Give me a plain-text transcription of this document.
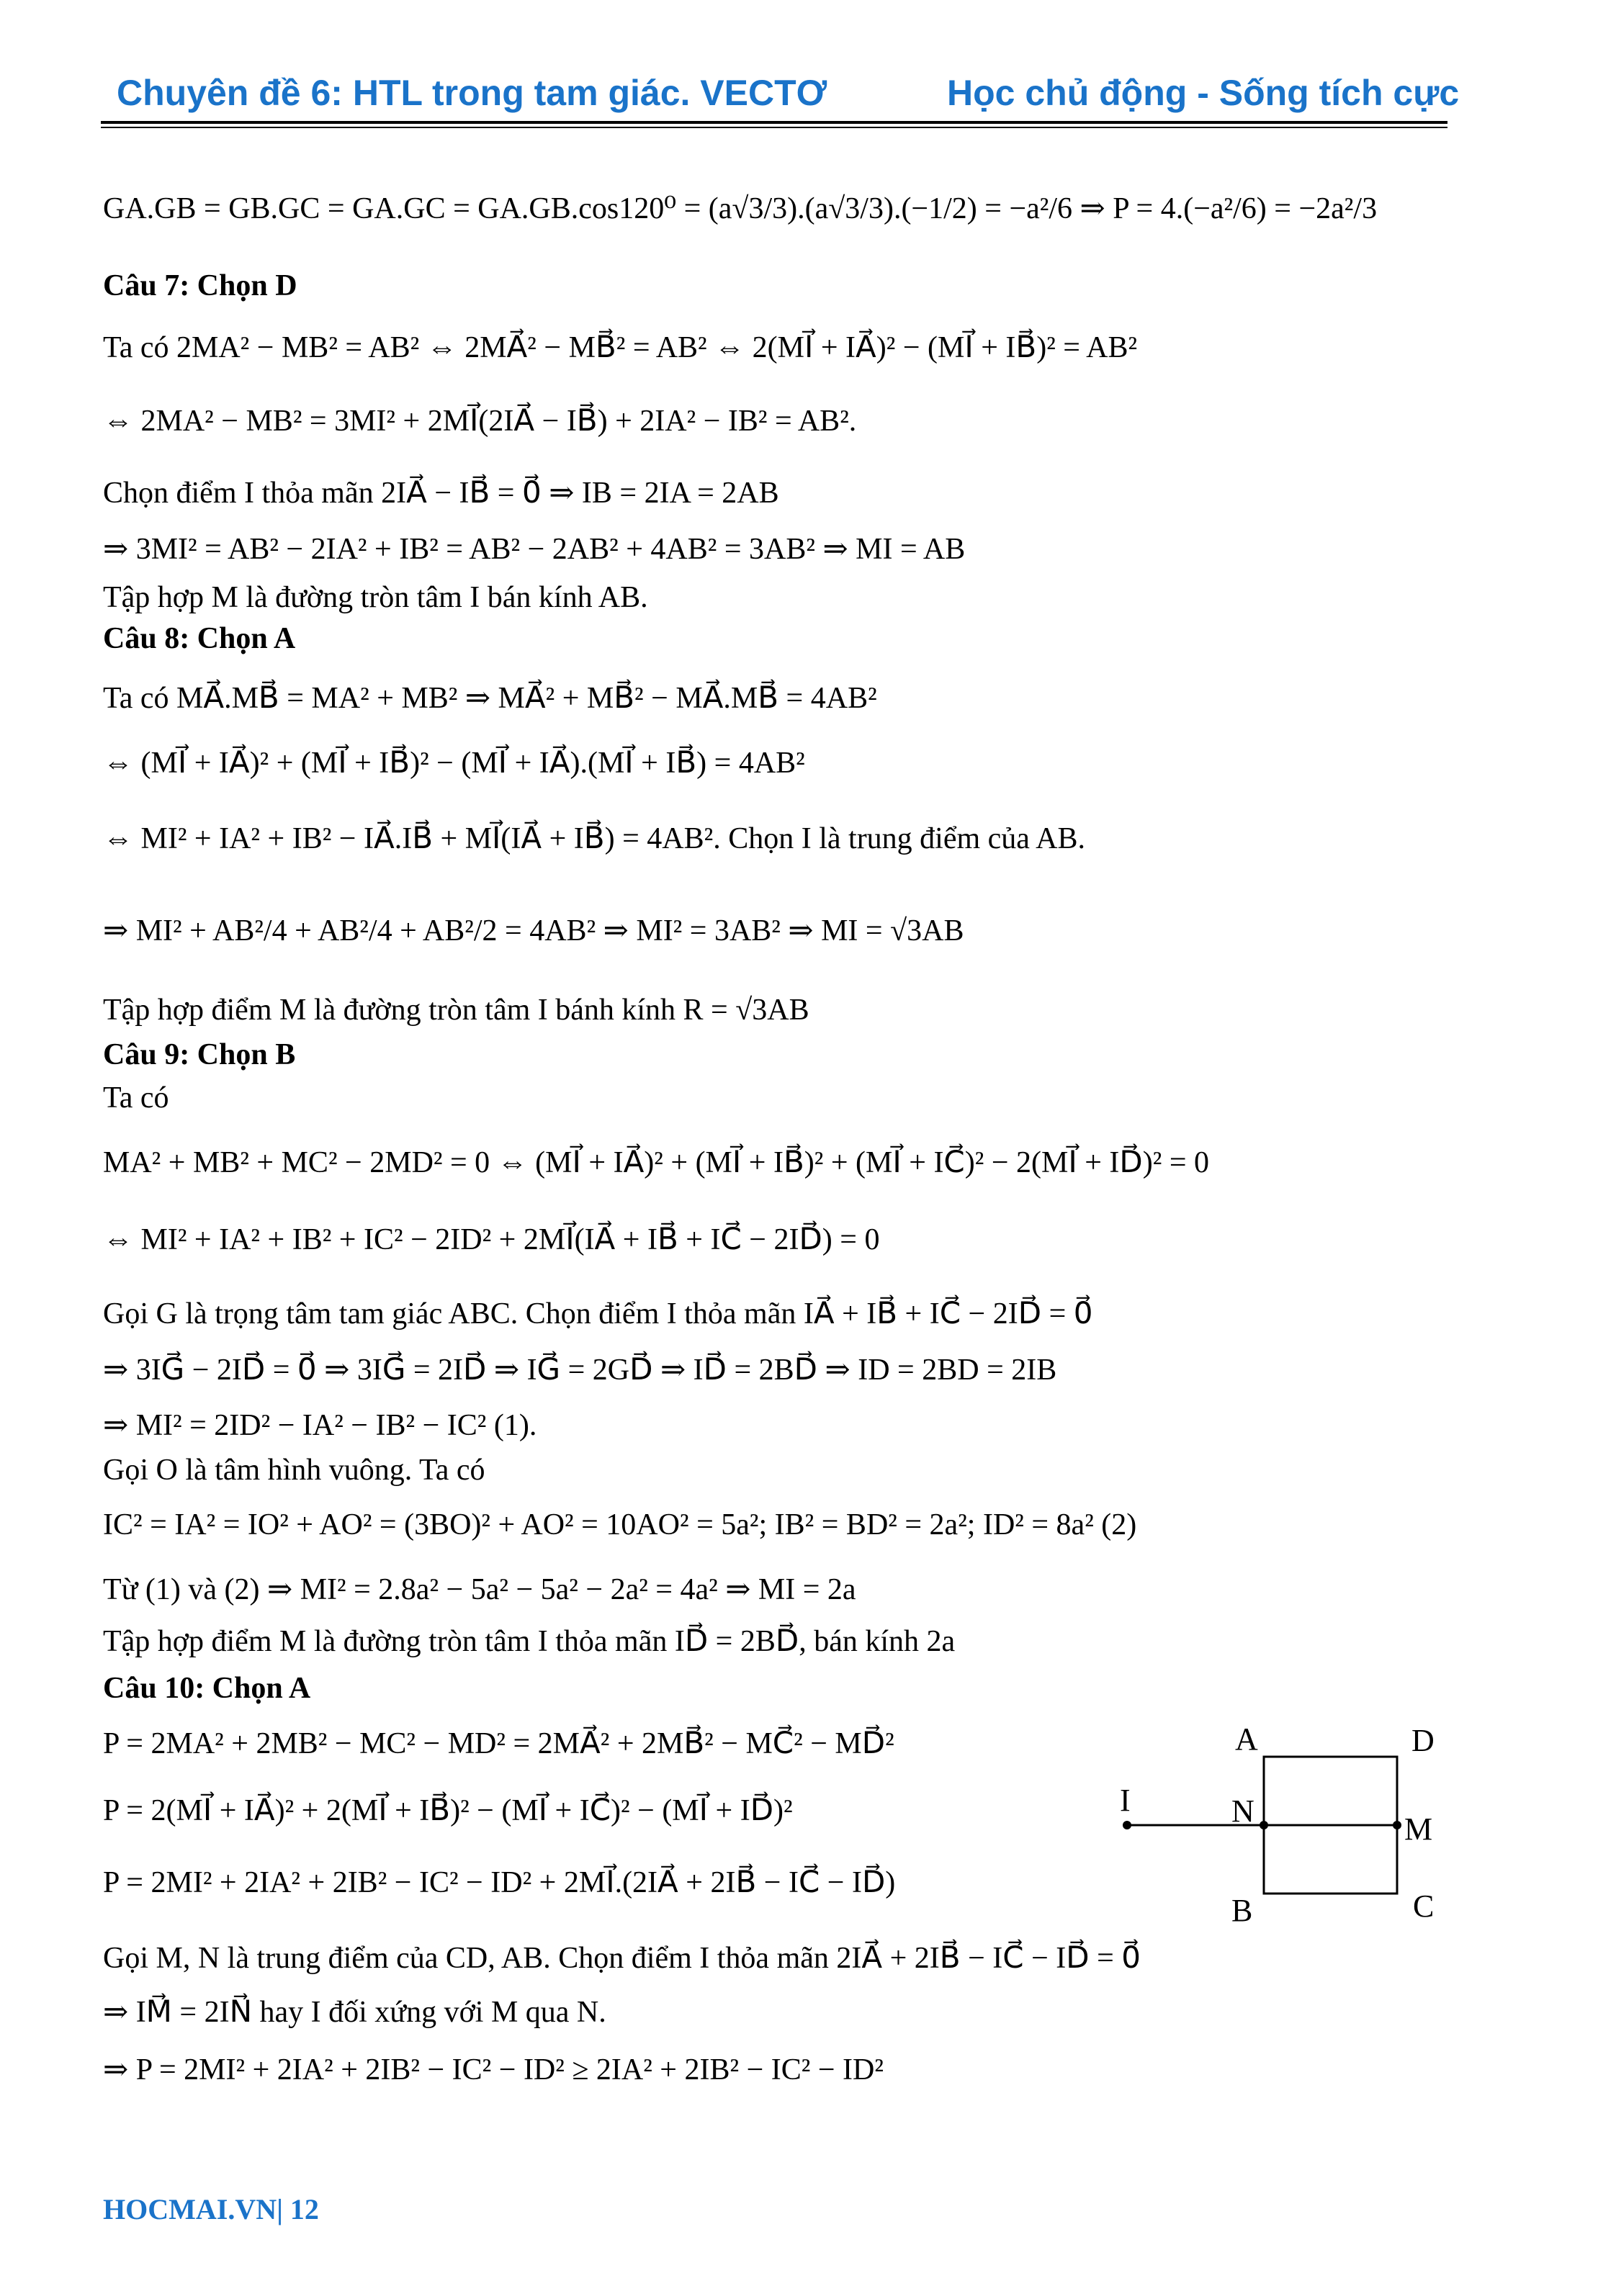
Chuyên đề 6: HTL trong tam giác. VECTƠ	Học chủ động - Sống tích cực
GA.GB = GB.GC = GA.GC = GA.GB.cos120⁰ = (a√3/3).(a√3/3).(−1/2) = −a²/6 ⇒ P = 4.(−a²/6) = −2a²/3
Câu 7: Chọn D
Ta có 2MA² − MB² = AB² ⇔ 2MA⃗² − MB⃗² = AB² ⇔ 2(MI⃗ + IA⃗)² − (MI⃗ + IB⃗)² = AB²
⇔ 2MA² − MB² = 3MI² + 2MI⃗(2IA⃗ − IB⃗) + 2IA² − IB² = AB².
Chọn điểm I thỏa mãn 2IA⃗ − IB⃗ = 0⃗ ⇒ IB = 2IA = 2AB
⇒ 3MI² = AB² − 2IA² + IB² = AB² − 2AB² + 4AB² = 3AB² ⇒ MI = AB
Tập hợp M là đường tròn tâm I bán kính AB.
Câu 8: Chọn A
Ta có MA⃗.MB⃗ = MA² + MB² ⇒ MA⃗² + MB⃗² − MA⃗.MB⃗ = 4AB²
⇔ (MI⃗ + IA⃗)² + (MI⃗ + IB⃗)² − (MI⃗ + IA⃗).(MI⃗ + IB⃗) = 4AB²
⇔ MI² + IA² + IB² − IA⃗.IB⃗ + MI⃗(IA⃗ + IB⃗) = 4AB². Chọn I là trung điểm của AB.
⇒ MI² + AB²/4 + AB²/4 + AB²/2 = 4AB² ⇒ MI² = 3AB² ⇒ MI = √3AB
Tập hợp điểm M là đường tròn tâm I bánh kính R = √3AB
Câu 9: Chọn B
Ta có
MA² + MB² + MC² − 2MD² = 0 ⇔ (MI⃗ + IA⃗)² + (MI⃗ + IB⃗)² + (MI⃗ + IC⃗)² − 2(MI⃗ + ID⃗)² = 0
⇔ MI² + IA² + IB² + IC² − 2ID² + 2MI⃗(IA⃗ + IB⃗ + IC⃗ − 2ID⃗) = 0
Gọi G là trọng tâm tam giác ABC. Chọn điểm I thỏa mãn IA⃗ + IB⃗ + IC⃗ − 2ID⃗ = 0⃗
⇒ 3IG⃗ − 2ID⃗ = 0⃗ ⇒ 3IG⃗ = 2ID⃗ ⇒ IG⃗ = 2GD⃗ ⇒ ID⃗ = 2BD⃗ ⇒ ID = 2BD = 2IB
⇒ MI² = 2ID² − IA² − IB² − IC² (1).
Gọi O là tâm hình vuông. Ta có
IC² = IA² = IO² + AO² = (3BO)² + AO² = 10AO² = 5a²; IB² = BD² = 2a²; ID² = 8a² (2)
Từ (1) và (2) ⇒ MI² = 2.8a² − 5a² − 5a² − 2a² = 4a² ⇒ MI = 2a
Tập hợp điểm M là đường tròn tâm I thỏa mãn ID⃗ = 2BD⃗, bán kính 2a
Câu 10: Chọn A
P = 2MA² + 2MB² − MC² − MD² = 2MA⃗² + 2MB⃗² − MC⃗² − MD⃗²
P = 2(MI⃗ + IA⃗)² + 2(MI⃗ + IB⃗)² − (MI⃗ + IC⃗)² − (MI⃗ + ID⃗)²
P = 2MI² + 2IA² + 2IB² − IC² − ID² + 2MI⃗.(2IA⃗ + 2IB⃗ − IC⃗ − ID⃗)
Gọi M, N là trung điểm của CD, AB. Chọn điểm I thỏa mãn 2IA⃗ + 2IB⃗ − IC⃗ − ID⃗ = 0⃗
⇒ IM⃗ = 2IN⃗ hay I đối xứng với M qua N.
⇒ P = 2MI² + 2IA² + 2IB² − IC² − ID² ≥ 2IA² + 2IB² − IC² − ID²
A	D
I	N
M
B	C
HOCMAI.VN| 12
